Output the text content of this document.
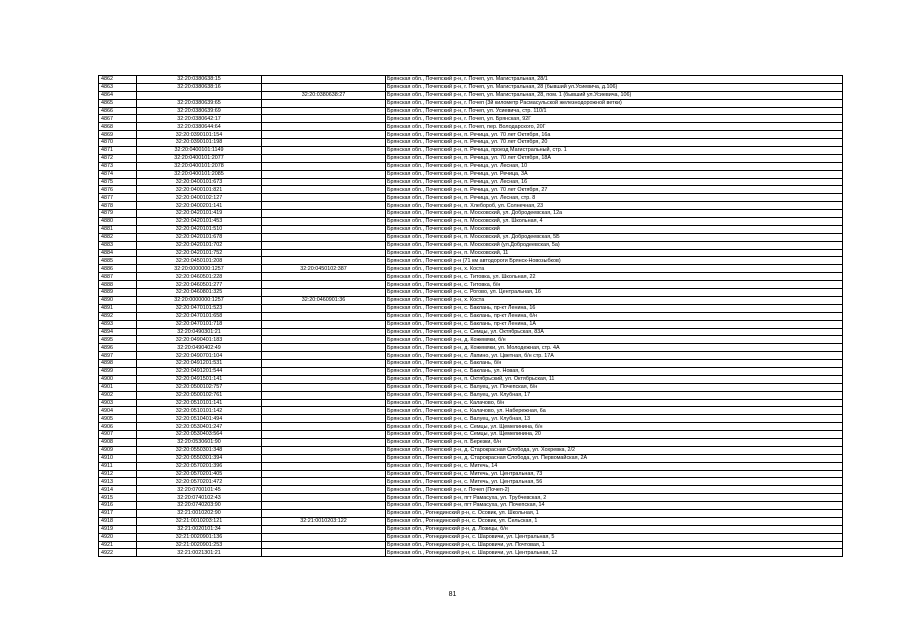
4862	32:20:0380638:15		Брянская обл., Почепский р-н, г. Почеп, ул. Магистральная, 28/1
4863	32:20:0380638:16		Брянская обл., Почепский р-н, г. Почеп, ул. Магистральная, 28 (бывший ул.Усиевича, д.106)
4864		32:20:0380638:27	Брянская обл., Почепский р-н, г. Почеп, ул. Магистральная, 28, пом. 1 (бывший ул.Усиевича, 106)
4865	32:20:0380639:65		Брянская обл., Почепский р-н, г. Почеп (3й километр Расмасульской железнодорожной ветки)
4866	32:20:0380639:69		Брянская обл., Почепский р-н, г. Почеп, ул. Усиевича, стр. 110/1
4867	32:20:0380642:17		Брянская обл., Почепский р-н, г. Почеп, ул. Брянская, 92Г
4868	32:20:0380644:64		Брянская обл., Почепский р-н, г. Почеп, пер. Володарского, 20Г
4869	32:20:0390101:154		Брянская обл., Почепский р-н, п. Речица, ул. 70 лет Октября, 16а
4870	32:20:0390101:198		Брянская обл., Почепский р-н, п. Речица, ул. 70 лет Октября, 20
4871	32:20:0400101:1149		Брянская обл., Почепский р-н, п. Речица, проезд Магистральный, стр. 1
4872	32:20:0400101:2077		Брянская обл., Почепский р-н, п. Речица, ул. 70 лет Октября, 18А
4873	32:20:0400101:2078		Брянская обл., Почепский р-н, п. Речица, ул. Лесная, 10
4874	32:20:0400101:2085		Брянская обл., Почепский р-н, п. Речица, ул. Речица, 3А
4875	32:20:0400101:673		Брянская обл., Почепский р-н, п. Речица, ул. Лесная, 16
4876	32:20:0400101:821		Брянская обл., Почепский р-н, п. Речица, ул. 70 лет Октября, 27
4877	32:20:0400102:127		Брянская обл., Почепский р-н, п. Речица, ул. Лесная, стр. 8
4878	32:20:0400201:141		Брянская обл., Почепский р-н, п. Хлебороб, ул. Солнечная, 23
4879	32:20:0420101:419		Брянская обл., Почепский р-н, п. Московский, ул. Добродеевская, 12а
4880	32:20:0420101:453		Брянская обл., Почепский р-н, п. Московский, ул. Школьная, 4
4881	32:20:0420101:510		Брянская обл., Почепский р-н, п. Московский
4882	32:20:0420101:678		Брянская обл., Почепский р-н, п. Московский, ул. Добродеевская, 5Б
4883	32:20:0420101:702		Брянская обл., Почепский р-н, п. Московский (ул.Добродеевская, 5а)
4884	32:20:0420101:752		Брянская обл., Почепский р-н, п. Московский, 11
4885	32:20:0450101:208		Брянская обл., Почепский р-н (71 км автодороги Брянск-Новозыбков)
4886	32:20:0000000:1257	32:20:0450102:387	Брянская обл., Почепский р-н, х. Коста
4887	32:20:0460501:228		Брянская обл., Почепский р-н, с. Титовка, ул. Школьная, 22
4888	32:20:0460501:277		Брянская обл., Почепский р-н, с. Титовка, б/н
4889	32:20:0460801:325		Брянская обл., Почепский р-н, с. Рогово, ул. Центральная, 16
4890	32:20:0000000:1257	32:20:0460901:36	Брянская обл., Почепский р-н, х. Коста
4891	32:20:0470101:523		Брянская обл., Почепский р-н, с. Баклань, пр-кт Ленина, 16
4892	32:20:0470101:658		Брянская обл., Почепский р-н, с. Баклань, пр-кт Ленина, б/н
4893	32:20:0470101:718		Брянская обл., Почепский р-н, с. Баклань, пр-кт Ленина, 1А
4894	32:20:0490301:21		Брянская обл., Почепский р-н, с. Семцы, ул. Октябрьская, 83А
4895	32:20:0490401:183		Брянская обл., Почепский р-н, д. Кожемяки, б/н
4896	32:20:0490402:49		Брянская обл., Почепский р-н, д. Кожемяки, ул. Молодежная, стр. 4А
4897	32:20:0490701:104		Брянская обл., Почепский р-н, с. Лапино, ул. Цветная, б/н стр. 17А
4898	32:20:0491201:531		Брянская обл., Почепский р-н, с. Баклань, б/н
4899	32:20:0491201:544		Брянская обл., Почепский р-н, с. Баклань, ул. Новая, 6
4900	32:20:0491501:141		Брянская обл., Почепский р-н, п. Октябрьский, ул. Октябрьская, 11
4901	32:20:0500102:757		Брянская обл., Почепский р-н, с. Валуец, ул. Почепская, б/н
4902	32:20:0500102:761		Брянская обл., Почепский р-н, с. Валуец, ул. Клубная, 17
4903	32:20:0510101:141		Брянская обл., Почепский р-н, с. Калачово, б/н
4904	32:20:0510101:142		Брянская обл., Почепский р-н, с. Калачово, ул. Набережная, 6а
4905	32:20:0510401:494		Брянская обл., Почепский р-н, с. Валуец, ул. Клубная, 13
4906	32:20:0530401:247		Брянская обл., Почепский р-н, с. Семцы, ул. Щемелинина, б/н
4907	32:20:0530403:564		Брянская обл., Почепский р-н, с. Семцы, ул. Щемелинина, 20
4908	32:20:0530601:90		Брянская обл., Почепский р-н, п. Березки, б/н
4909	32:20:0550301:348		Брянская обл., Почепский р-н, д. Старокрасная Слобода, ул. Хохревка, 2/2
4910	32:20:0550301:394		Брянская обл., Почепский р-н, д. Старокрасная Слобода, ул. Первомайская, 2А
4911	32:20:0570201:396		Брянская обл., Почепский р-н, с. Митечь, 14
4912	32:20:0570201:405		Брянская обл., Почепский р-н, с. Митечь, ул. Центральная, 73
4913	32:20:0570201:472		Брянская обл., Почепский р-н, с. Митечь, ул. Центральная, 56
4914	32:20:0700101:45		Брянская обл., Почепский р-н, г. Почеп (Почеп-2)
4915	32:20:0740102:43		Брянская обл., Почепский р-н, пгт Рамасуха, ул. Трубчевская, 2
4916	32:20:0740203:90		Брянская обл., Почепский р-н, пгт Рамасуха, ул. Почепская, 14
4917	32:21:0010202:90		Брянская обл., Рогнединский р-н, с. Осовик, ул. Школьная, 1
4918	32:21:0010203:121	32:21:0010203:122	Брянская обл., Рогнединский р-н, с. Осовик, ул. Сельская, 1
4919	32:21:0020101:34		Брянская обл., Рогнединский р-н, д. Лозицы, б/н
4920	32:21:0020901:136		Брянская обл., Рогнединский р-н, с. Шаровичи, ул. Центральная, 5
4921	32:21:0020901:253		Брянская обл., Рогнединский р-н, с. Шаровичи, ул. Почтовая, 1
4922	32:21:0021301:21		Брянская обл., Рогнединский р-н, с. Шаровичи, ул. Центральная, 12
81
